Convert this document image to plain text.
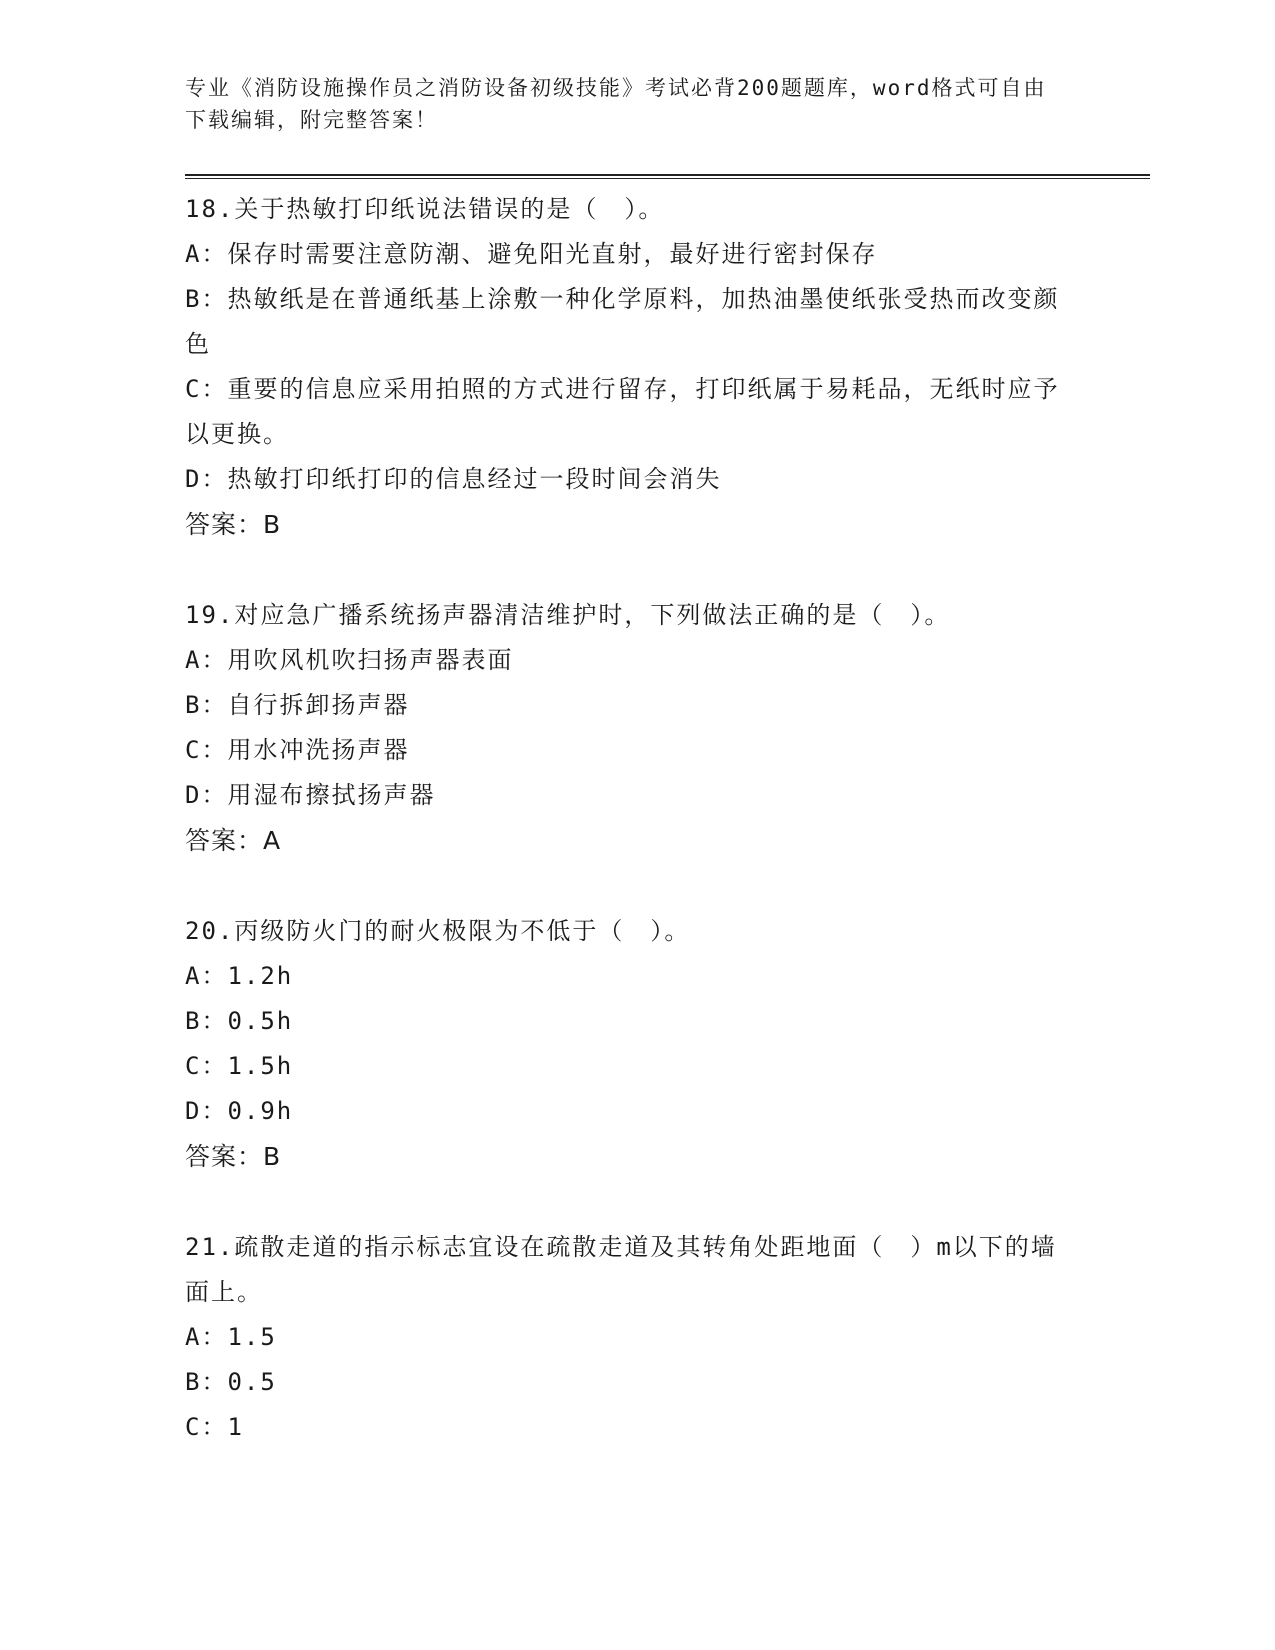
专业《消防设施操作员之消防设备初级技能》考试必背200题题库，word格式可自由下载编辑，附完整答案！

18.关于热敏打印纸说法错误的是（　）。

A：保存时需要注意防潮、避免阳光直射，最好进行密封保存

B：热敏纸是在普通纸基上涂敷一种化学原料，加热油墨使纸张受热而改变颜色

C：重要的信息应采用拍照的方式进行留存，打印纸属于易耗品，无纸时应予以更换。

D：热敏打印纸打印的信息经过一段时间会消失

答案：B

19.对应急广播系统扬声器清洁维护时，下列做法正确的是（　）。

A：用吹风机吹扫扬声器表面

B：自行拆卸扬声器

C：用水冲洗扬声器

D：用湿布擦拭扬声器

答案：A

20.丙级防火门的耐火极限为不低于（　）。

A：1.2h

B：0.5h

C：1.5h

D：0.9h

答案：B

21.疏散走道的指示标志宜设在疏散走道及其转角处距地面（　）m以下的墙面上。

A：1.5

B：0.5

C：1
